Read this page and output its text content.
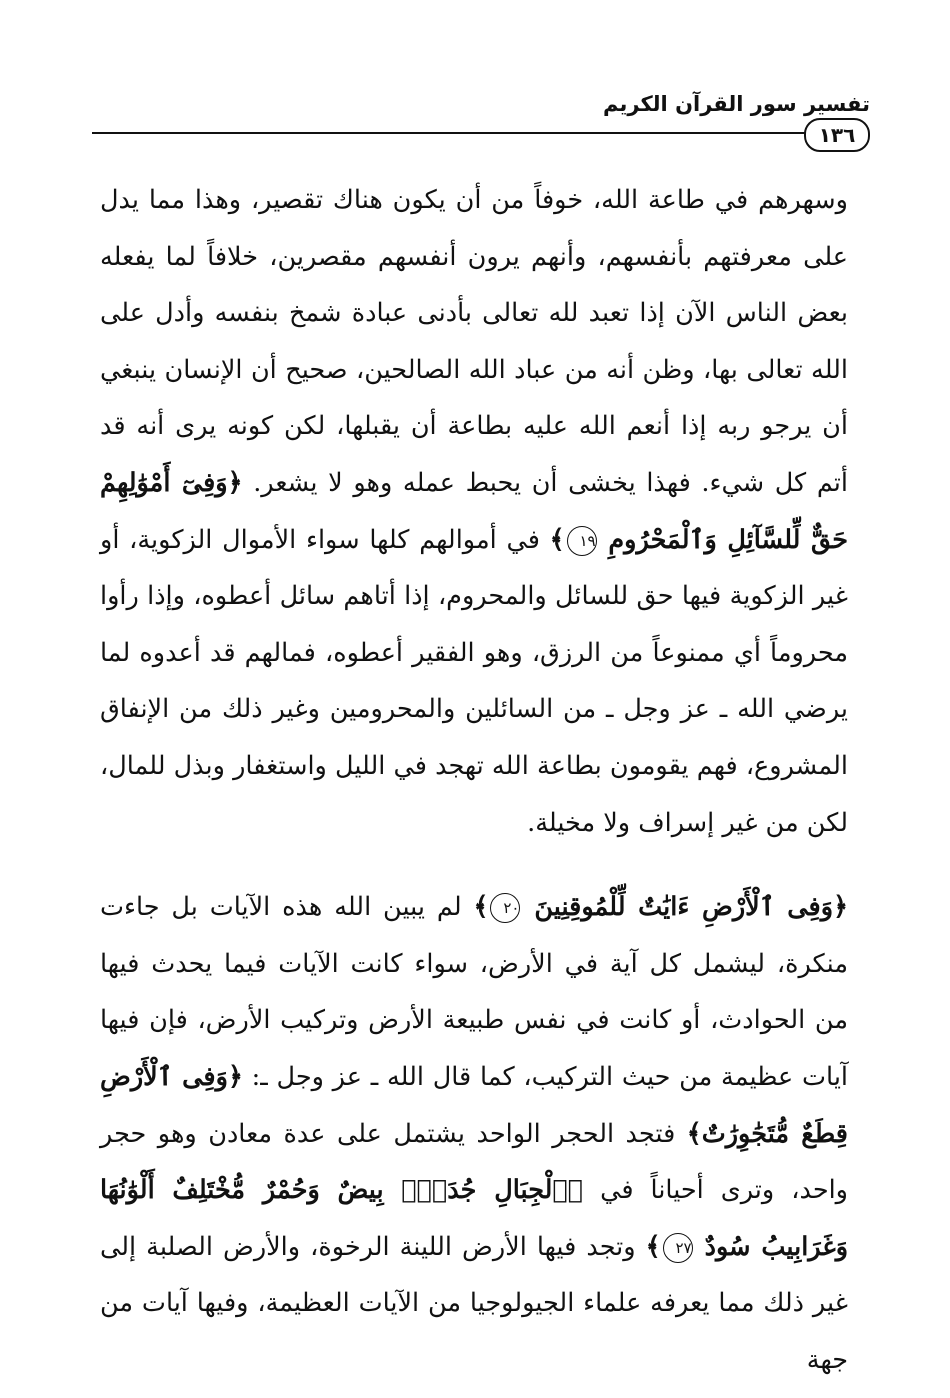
تفسير سور القرآن الكريم
١٣٦

وسهرهم في طاعة الله، خوفاً من أن يكون هناك تقصير، وهذا مما يدل على معرفتهم بأنفسهم، وأنهم يرون أنفسهم مقصرين، خلافاً لما يفعله بعض الناس الآن إذا تعبد لله تعالى بأدنى عبادة شمخ بنفسه وأدل على الله تعالى بها، وظن أنه من عباد الله الصالحين، صحيح أن الإنسان ينبغي أن يرجو ربه إذا أنعم الله عليه بطاعة أن يقبلها، لكن كونه يرى أنه قد أتم كل شيء. فهذا يخشى أن يحبط عمله وهو لا يشعر. ﴿وَفِىٓ أَمْوَٰلِهِمْ حَقٌّ لِّلسَّآئِلِ وَٱلْمَحْرُومِ ١٩﴾ في أموالهم كلها سواء الأموال الزكوية، أو غير الزكوية فيها حق للسائل والمحروم، إذا أتاهم سائل أعطوه، وإذا رأوا محروماً أي ممنوعاً من الرزق، وهو الفقير أعطوه، فمالهم قد أعدوه لما يرضي الله ـ عز وجل ـ من السائلين والمحرومين وغير ذلك من الإنفاق المشروع، فهم يقومون بطاعة الله تهجد في الليل واستغفار وبذل للمال، لكن من غير إسراف ولا مخيلة.

﴿وَفِى ٱلْأَرْضِ ءَايَٰتٌ لِّلْمُوقِنِينَ ٢٠﴾ لم يبين الله هذه الآيات بل جاءت منكرة، ليشمل كل آية في الأرض، سواء كانت الآيات فيما يحدث فيها من الحوادث، أو كانت في نفس طبيعة الأرض وتركيب الأرض، فإن فيها آيات عظيمة من حيث التركيب، كما قال الله ـ عز وجل ـ: ﴿وَفِى ٱلْأَرْضِ قِطَعٌ مُّتَجَٰوِرَٰتٌ﴾ فتجد الحجر الواحد يشتمل على عدة معادن وهو حجر واحد، وترى أحياناً في ﴿ٱلْجِبَالِ جُدَدٌۢ بِيضٌ وَحُمْرٌ مُّخْتَلِفٌ أَلْوَٰنُهَا وَغَرَابِيبُ سُودٌ ٢٧﴾ وتجد فيها الأرض اللينة الرخوة، والأرض الصلبة إلى غير ذلك مما يعرفه علماء الجيولوجيا من الآيات العظيمة، وفيها آيات من جهة
